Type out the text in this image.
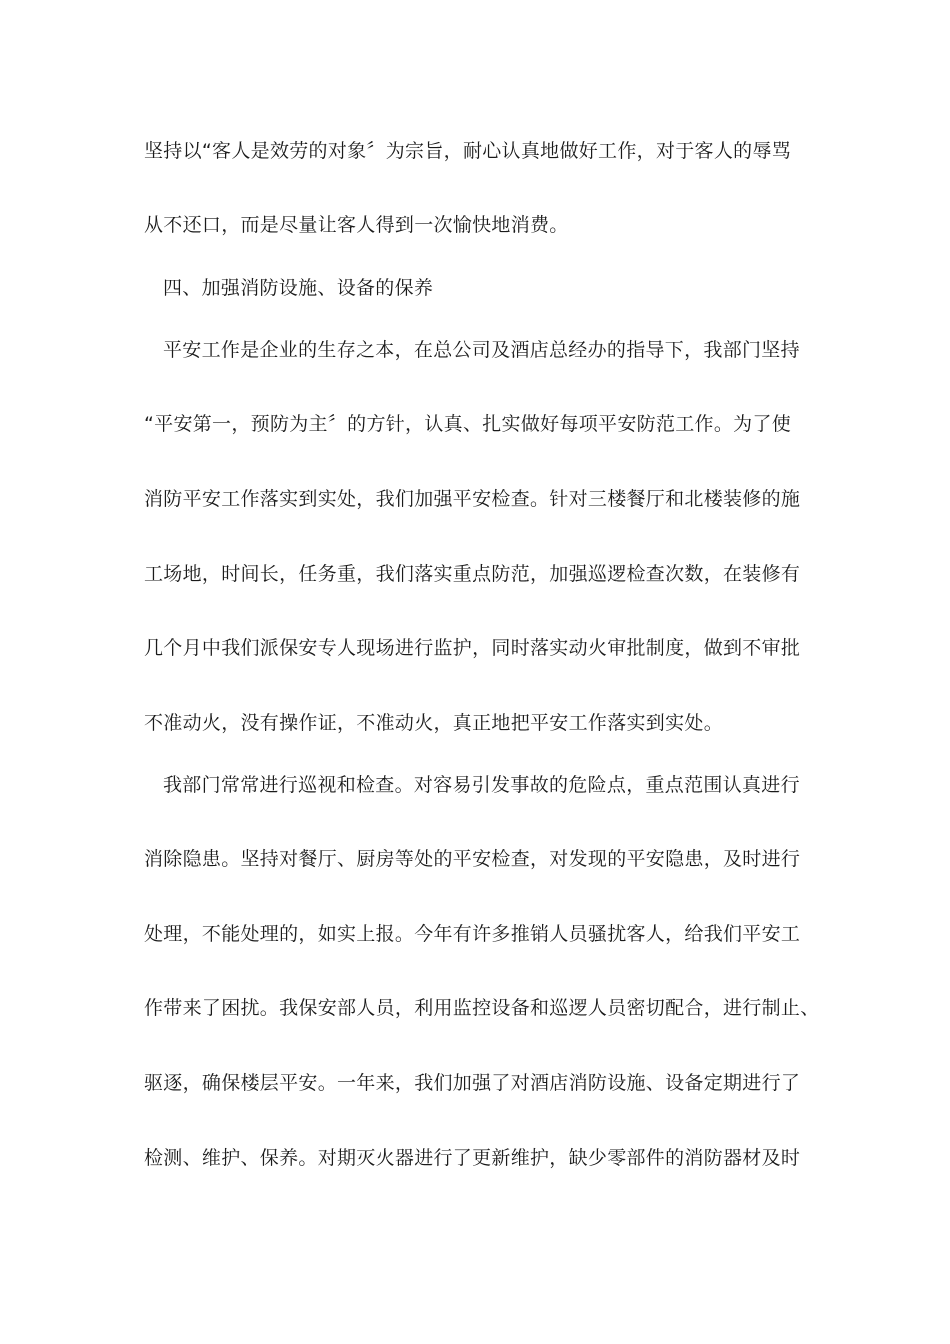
坚持以“客人是效劳的对象〞为宗旨，耐心认真地做好工作，对于客人的辱骂
从不还口，而是尽量让客人得到一次愉快地消费。
四、加强消防设施、设备的保养
平安工作是企业的生存之本，在总公司及酒店总经办的指导下，我部门坚持
“平安第一，预防为主〞的方针，认真、扎实做好每项平安防范工作。为了使
消防平安工作落实到实处，我们加强平安检查。针对三楼餐厅和北楼装修的施
工场地，时间长，任务重，我们落实重点防范，加强巡逻检查次数，在装修有
几个月中我们派保安专人现场进行监护，同时落实动火审批制度，做到不审批
不准动火，没有操作证，不准动火，真正地把平安工作落实到实处。
我部门常常进行巡视和检查。对容易引发事故的危险点，重点范围认真进行
消除隐患。坚持对餐厅、厨房等处的平安检查，对发现的平安隐患，及时进行
处理，不能处理的，如实上报。今年有许多推销人员骚扰客人，给我们平安工
作带来了困扰。我保安部人员，利用监控设备和巡逻人员密切配合，进行制止、
驱逐，确保楼层平安。一年来，我们加强了对酒店消防设施、设备定期进行了
检测、维护、保养。对期灭火器进行了更新维护，缺少零部件的消防器材及时
